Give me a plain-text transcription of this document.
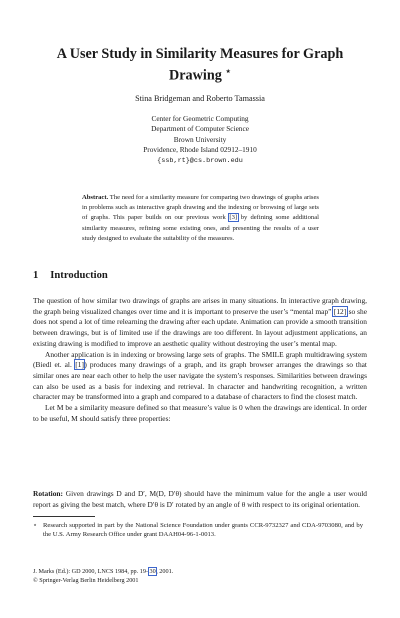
A User Study in Similarity Measures for Graph Drawing ⋆
Stina Bridgeman and Roberto Tamassia
Center for Geometric Computing
Department of Computer Science
Brown University
Providence, Rhode Island 02912–1910
{ssb,rt}@cs.brown.edu
Abstract. The need for a similarity measure for comparing two drawings of graphs arises in problems such as interactive graph drawing and the indexing or browsing of large sets of graphs. This paper builds on our previous work [3] by defining some additional similarity measures, refining some existing ones, and presenting the results of a user study designed to evaluate the suitability of the measures.
1 Introduction

The question of how similar two drawings of graphs are arises in many situations. In interactive graph drawing, the graph being visualized changes over time and it is important to preserve the user’s “mental map” [12] so she does not spend a lot of time relearning the drawing after each update. Animation can provide a smooth transition between drawings, but is of limited use if the drawings are too different. In layout adjustment applications, an existing drawing is modified to improve an aesthetic quality without destroying the user’s mental map.

Another application is in indexing or browsing large sets of graphs. The SMILE graph multidrawing system (Biedl et. al. [1]) produces many drawings of a graph, and its graph browser arranges the drawings so that similar ones are near each other to help the user navigate the system’s responses. Similarities between drawings can also be used as a basis for indexing and retrieval. In character and handwriting recognition, a written character may be transformed into a graph and compared to a database of characters to find the closest match.

Let M be a similarity measure defined so that measure’s value is 0 when the drawings are identical. In order to be useful, M should satisfy three properties:

Rotation: Given drawings D and D′, M(D, D′θ) should have the minimum value for the angle a user would report as giving the best match, where D′θ is D′ rotated by an angle of θ with respect to its original orientation.
⋆ Research supported in part by the National Science Foundation under grants CCR-9732327 and CDA-9703080, and by the U.S. Army Research Office under grant DAAH04-96-1-0013.
J. Marks (Ed.): GD 2000, LNCS 1984, pp. 19–30, 2001.
© Springer-Verlag Berlin Heidelberg 2001
